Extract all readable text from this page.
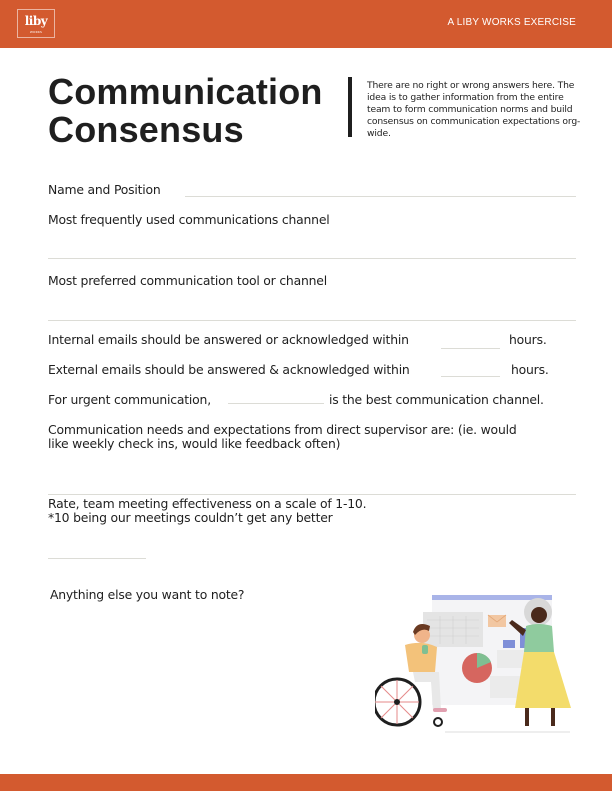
liby
WORKS
A LIBY WORKS EXERCISE
Communication
Consensus
There are no right or wrong answers here. The idea is to gather information from the entire team to form communication norms and build consensus on communication expectations org-wide.
Name and Position
Most frequently used communications channel
Most preferred communication tool or channel
Internal emails should be answered or acknowledged within	hours.
External emails should be answered & acknowledged within	hours.
For urgent communication,	is the best communication channel.
Communication needs and expectations from direct supervisor are: (ie. would
like weekly check ins, would like feedback often)
Rate, team meeting effectiveness on a scale of 1-10.
*10 being our meetings couldn’t get any better
Anything else you want to note?
